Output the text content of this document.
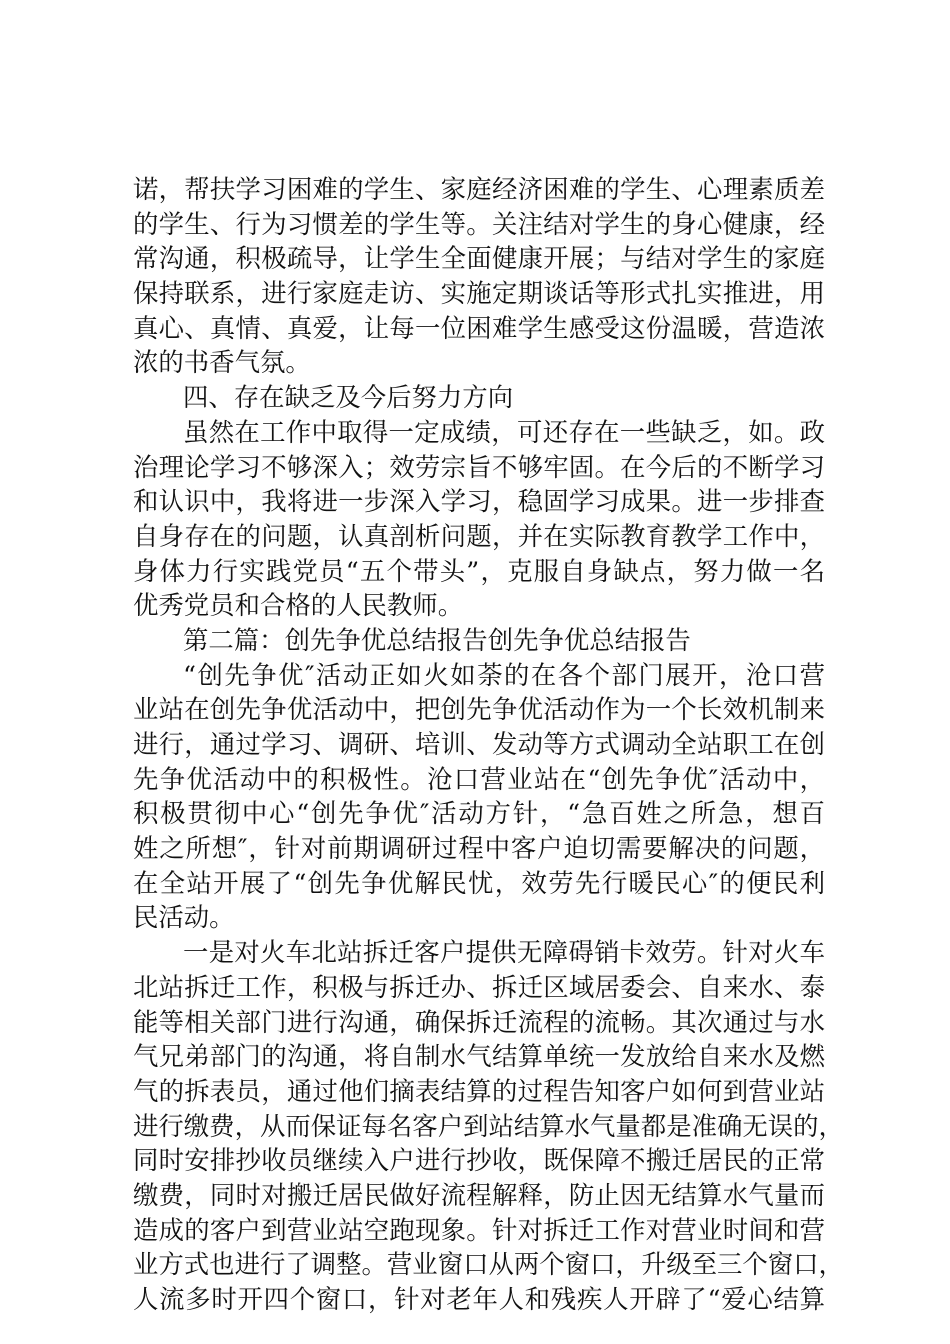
诺，帮扶学习困难的学生、家庭经济困难的学生、心理素质差
的学生、行为习惯差的学生等。关注结对学生的身心健康，经
常沟通，积极疏导，让学生全面健康开展；与结对学生的家庭
保持联系，进行家庭走访、实施定期谈话等形式扎实推进，用
真心、真情、真爱，让每一位困难学生感受这份温暖，营造浓
浓的书香气氛。
四、存在缺乏及今后努力方向
虽然在工作中取得一定成绩，可还存在一些缺乏，如。政
治理论学习不够深入；效劳宗旨不够牢固。在今后的不断学习
和认识中，我将进一步深入学习，稳固学习成果。进一步排查
自身存在的问题，认真剖析问题，并在实际教育教学工作中，
身体力行实践党员“五个带头”，克服自身缺点，努力做一名
优秀党员和合格的人民教师。
第二篇：创先争优总结报告创先争优总结报告
“创先争优″活动正如火如荼的在各个部门展开，沧口营
业站在创先争优活动中，把创先争优活动作为一个长效机制来
进行，通过学习、调研、培训、发动等方式调动全站职工在创
先争优活动中的积极性。沧口营业站在“创先争优″活动中，
积极贯彻中心“创先争优″活动方针，“急百姓之所急，想百
姓之所想″，针对前期调研过程中客户迫切需要解决的问题，
在全站开展了“创先争优解民忧，效劳先行暖民心″的便民利
民活动。
一是对火车北站拆迁客户提供无障碍销卡效劳。针对火车
北站拆迁工作，积极与拆迁办、拆迁区域居委会、自来水、泰
能等相关部门进行沟通，确保拆迁流程的流畅。其次通过与水
气兄弟部门的沟通，将自制水气结算单统一发放给自来水及燃
气的拆表员，通过他们摘表结算的过程告知客户如何到营业站
进行缴费，从而保证每名客户到站结算水气量都是准确无误的，
同时安排抄收员继续入户进行抄收，既保障不搬迁居民的正常
缴费，同时对搬迁居民做好流程解释，防止因无结算水气量而
造成的客户到营业站空跑现象。针对拆迁工作对营业时间和营
业方式也进行了调整。营业窗口从两个窗口，升级至三个窗口，
人流多时开四个窗口，针对老年人和残疾人开辟了“爱心结算
